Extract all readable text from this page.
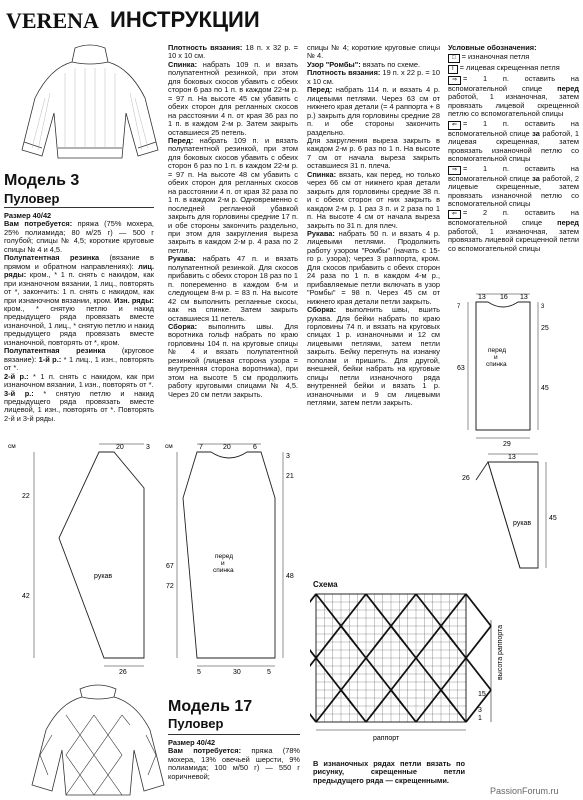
VERENA ИНСТРУКЦИИ
Модель 3
Пуловер

Размер 40/42

Вам потребуется: пряжа (75% мохера, 25% полиамида; 80 м/25 г) — 500 г голубой; спицы № 4,5; короткие круговые спицы № 4 и 4,5.

Полупатентная резинка (вязание в прямом и обратном направлениях): лиц. ряды: кром., * 1 п. снять с накидом, как при изнаночном вязании, 1 лиц., повторять от *, закончить: 1 п. снять с накидом, как при изнаночном вязании, кром. Изн. ряды: кром., * снятую петлю и накид предыдущего ряда провязать вместе изнаночной, 1 лиц., * снятую петлю и накид предыдущего ряда провязать вместе изнаночной, повторять от *, кром.

Полупатентная резинка (круговое вязание): 1-й р.: * 1 лиц., 1 изн., повторять от *.

2-й р.: * 1 п. снять с накидом, как при изнаночном вязании, 1 изн., повторять от *.

3-й р.: * снятую петлю и накид предыдущего ряда провязать вместе лицевой, 1 изн., повторять от *. Повторять 2-й и 3-й ряды.

Плотность вязания: 18 п. х 32 р. = 10 х 10 см.

Спинка: набрать 109 п. и вязать полупатентной резинкой, при этом для боковых скосов убавить с обеих сторон 6 раз по 1 п. в каждом 22-м р. = 97 п. На высоте 45 см убавить с обеих сторон для регланных скосов на расстоянии 4 п. от края 36 раз по 1 п. в каждом 2-м р. Затем закрыть оставшиеся 25 петель.

Перед: набрать 109 п. и вязать полупатентной резинкой, при этом для боковых скосов убавить с обеих сторон 6 раз по 1 п. в каждом 22-м р. = 97 п. На высоте 48 см убавить с обеих сторон для регланных скосов на расстоянии 4 п. от края 32 раза по 1 п. в каждом 2-м р. Одновременно с последней регланной убавкой закрыть для горловины средние 17 п. и обе стороны закончить раздельно, при этом для закругления выреза закрыть в каждом 2-м р. 4 раза по 2 петли.

Рукава: набрать 47 п. и вязать полупатентной резинкой. Для скосов прибавить с обеих сторон 18 раз по 1 п. попеременно в каждом 6-м и следующем 8-м р. = 83 п. На высоте 42 см выполнить регланные скосы, как на спинке. Затем закрыть оставшиеся 11 петель.

Сборка: выполнить швы. Для воротника гольф набрать по краю горловины 104 п. на круговые спицы № 4 и вязать полупатентной резинкой (лицевая сторона узора = внутренняя сторона воротника), при этом на высоте 5 см продолжить работу круговыми спицами № 4,5. Через 20 см петли закрыть.

спицы № 4; короткие круговые спицы № 4.

Узор "Ромбы": вязать по схеме.

Плотность вязания: 19 п. х 22 р. = 10 х 10 см.

Перед: набрать 114 п. и вязать 4 р. лицевыми петлями. Через 63 см от нижнего края детали (= 4 раппорта + 8 р.) закрыть для горловины средние 28 п. и обе стороны закончить раздельно.

Для закругления выреза закрыть в каждом 2-м р. 6 раз по 1 п. На высоте 7 см от начала выреза закрыть оставшиеся 31 п. плеча.

Спинка: вязать, как перед, но только через 66 см от нижнего края детали закрыть для горловины средние 38 п. и с обеих сторон от них закрыть в каждом 2-м р. 1 раз 3 п. и 2 раза по 1 п. На высоте 4 см от начала выреза закрыть по 31 п. для плеч.

Рукава: набрать 50 п. и вязать 4 р. лицевыми петлями. Продолжить работу узором "Ромбы" (начать с 15-го р. узора); через 3 раппорта, кром. Для скосов прибавить с обеих сторон 24 раза по 1 п. в каждом 4-м р., прибавляемые петли включать в узор "Ромбы" = 98 п. Через 45 см от нижнего края детали петли закрыть.

Сборка: выполнить швы, вшить рукава. Для бейки набрать по краю горловины 74 п. и вязать на круговых спицах 1 р. изнаночными и 12 см лицевыми петлями, затем петли закрыть. Бейку перегнуть на изнанку пополам и пришить. Для другой, внешней, бейки набрать на круговые спицы петли изнаночного ряда внутренней бейки и вязать 1 р. изнаночными и 9 см лицевыми петлями, затем петли закрыть.

Условные обозначения:
□ = изнаночная петля
I = лицевая скрещенная петля
⇒ = 1 п. оставить на вспомогательной спице перед работой, 1 изнаночная, затем провязать лицевой скрещенной петлю со вспомогательной спицы
⇐ = 1 п. оставить на вспомогательной спице за работой, 1 лицевая скрещенная, затем провязать изнаночной петлю со вспомогательной спицы
⇒ = 1 п. оставить на вспомогательной спице за работой, 2 лицевые скрещенные, затем провязать изнаночной петлю со вспомогательной спицы
⇐ = 2 п. оставить на вспомогательной спице перед работой, 1 изнаночная, затем провязать лицевой скрещенной петли со вспомогательной спицы
13 16 13
25
45
63
29
перед
и
спинка
7	3
13
26
45
рукав
см	20	3
22
42
рукав
26
см	7	20	6
67
72
3
21
48
перед
и
спинка
5	30	5
Схема
раппорт
15
3
1
высота раппорта
В изнаночных рядах петли вязать по рисунку, скрещенные петли предыдущего ряда — скрещенными.
Модель 17
Пуловер

Размер 40/42

Вам потребуется: пряжа (78% мохера, 13% овечьей шерсти, 9% полиамида; 100 м/50 г) — 550 г коричневой;

PassionForum.ru
